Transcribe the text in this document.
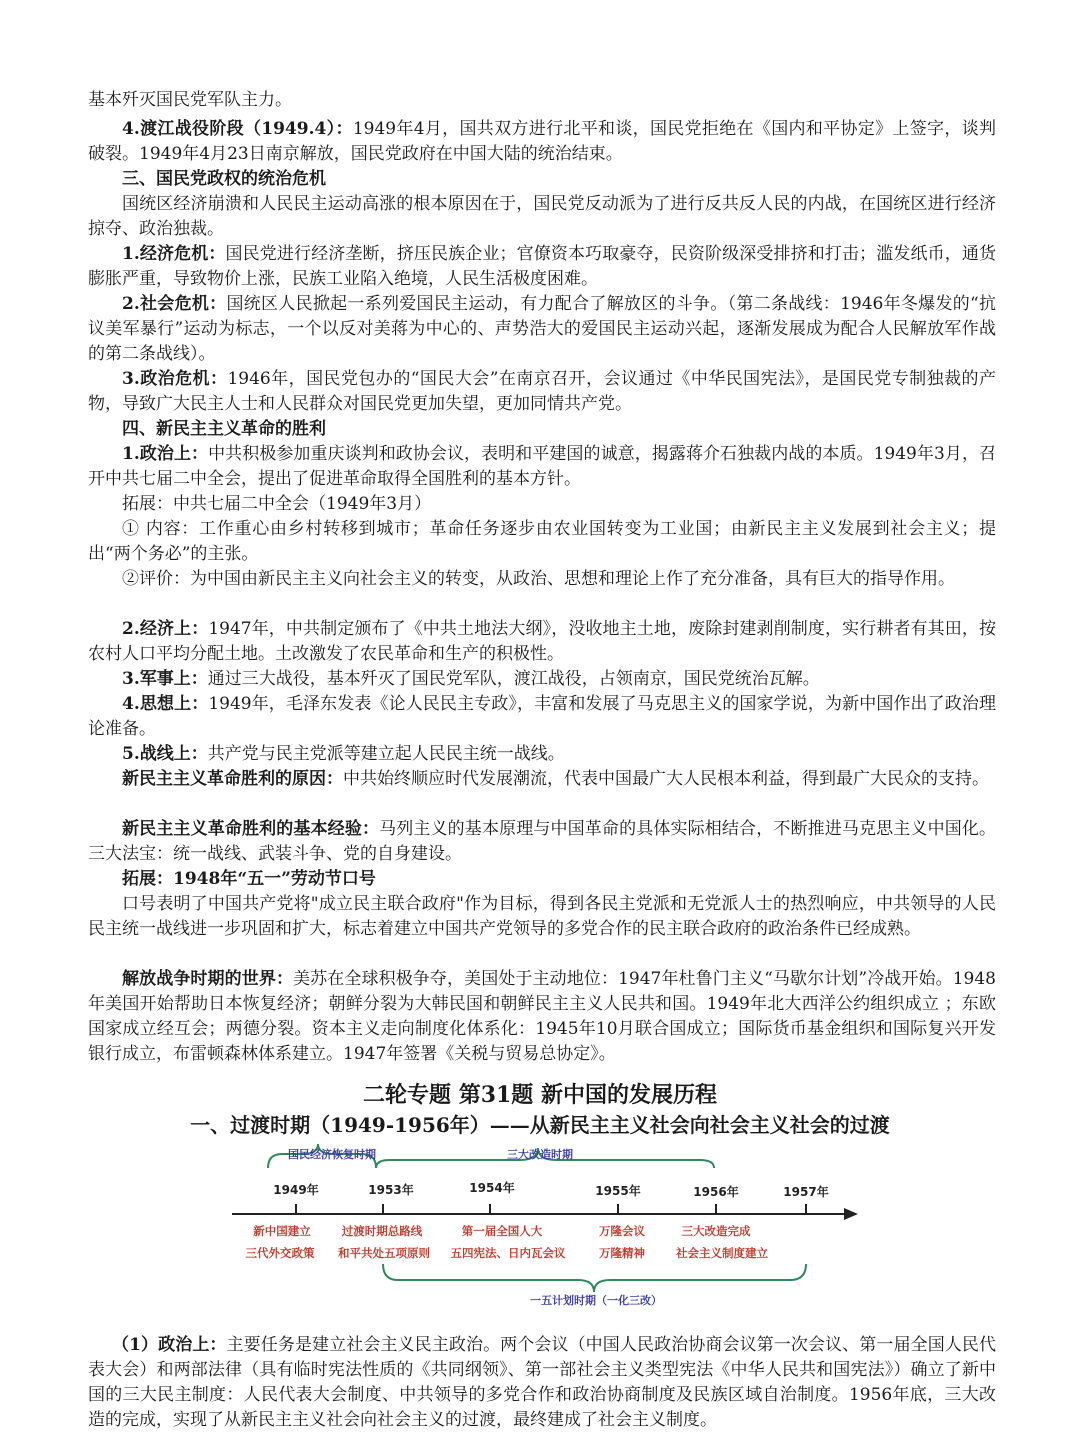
基本歼灭国民党军队主力。

4.渡江战役阶段（1949.4）：1949年4月，国共双方进行北平和谈，国民党拒绝在《国内和平协定》上签字，谈判破裂。1949年4月23日南京解放，国民党政府在中国大陆的统治结束。

三、国民党政权的统治危机

国统区经济崩溃和人民民主运动高涨的根本原因在于，国民党反动派为了进行反共反人民的内战，在国统区进行经济掠夺、政治独裁。

1.经济危机：国民党进行经济垄断，挤压民族企业；官僚资本巧取豪夺，民资阶级深受排挤和打击；滥发纸币，通货膨胀严重，导致物价上涨，民族工业陷入绝境，人民生活极度困难。

2.社会危机：国统区人民掀起一系列爱国民主运动，有力配合了解放区的斗争。（第二条战线：1946年冬爆发的“抗议美军暴行”运动为标志，一个以反对美蒋为中心的、声势浩大的爱国民主运动兴起，逐渐发展成为配合人民解放军作战的第二条战线）。

3.政治危机：1946年，国民党包办的“国民大会”在南京召开，会议通过《中华民国宪法》，是国民党专制独裁的产物，导致广大民主人士和人民群众对国民党更加失望，更加同情共产党。

四、新民主主义革命的胜利

1.政治上：中共积极参加重庆谈判和政协会议，表明和平建国的诚意，揭露蒋介石独裁内战的本质。1949年3月，召开中共七届二中全会，提出了促进革命取得全国胜利的基本方针。

拓展：中共七届二中全会（1949年3月）

① 内容：工作重心由乡村转移到城市；革命任务逐步由农业国转变为工业国；由新民主主义发展到社会主义；提出“两个务必”的主张。

②评价：为中国由新民主主义向社会主义的转变，从政治、思想和理论上作了充分准备，具有巨大的指导作用。

2.经济上：1947年，中共制定颁布了《中共土地法大纲》，没收地主土地，废除封建剥削制度，实行耕者有其田，按农村人口平均分配土地。土改激发了农民革命和生产的积极性。

3.军事上：通过三大战役，基本歼灭了国民党军队，渡江战役，占领南京，国民党统治瓦解。

4.思想上：1949年，毛泽东发表《论人民民主专政》，丰富和发展了马克思主义的国家学说，为新中国作出了政治理论准备。

5.战线上：共产党与民主党派等建立起人民民主统一战线。

新民主主义革命胜利的原因：中共始终顺应时代发展潮流，代表中国最广大人民根本利益，得到最广大民众的支持。

新民主主义革命胜利的基本经验：马列主义的基本原理与中国革命的具体实际相结合，不断推进马克思主义中国化。三大法宝：统一战线、武装斗争、党的自身建设。

拓展：1948年“五一”劳动节口号

口号表明了中国共产党将"成立民主联合政府"作为目标，得到各民主党派和无党派人士的热烈响应，中共领导的人民民主统一战线进一步巩固和扩大，标志着建立中国共产党领导的多党合作的民主联合政府的政治条件已经成熟。

解放战争时期的世界：美苏在全球积极争夺，美国处于主动地位：1947年杜鲁门主义“马歇尔计划”冷战开始。1948年美国开始帮助日本恢复经济；朝鲜分裂为大韩民国和朝鲜民主主义人民共和国。1949年北大西洋公约组织成立 ；东欧国家成立经互会；两德分裂。资本主义走向制度化体系化：1945年10月联合国成立；国际货币基金组织和国际复兴开发银行成立，布雷顿森林体系建立。1947年签署《关税与贸易总协定》。

二轮专题 第31题 新中国的发展历程
一、过渡时期（1949-1956年）——从新民主主义社会向社会主义社会的过渡
国民经济恢复时期	三大改造时期
1949年	1953年	1954年	1955年	1956年	1957年
新中国建立	过渡时期总路线	第一届全国人大	万隆会议	三大改造完成
三代外交政策 和平共处五项原则 五四宪法、日内瓦会议	万隆精神	社会主义制度建立
一五计划时期（一化三改）

（1）政治上：主要任务是建立社会主义民主政治。两个会议（中国人民政治协商会议第一次会议、第一届全国人民代表大会）和两部法律（具有临时宪法性质的《共同纲领》、第一部社会主义类型宪法《中华人民共和国宪法》）确立了新中国的三大民主制度：人民代表大会制度、中共领导的多党合作和政治协商制度及民族区域自治制度。1956年底，三大改造的完成，实现了从新民主主义社会向社会主义的过渡，最终建成了社会主义制度。
